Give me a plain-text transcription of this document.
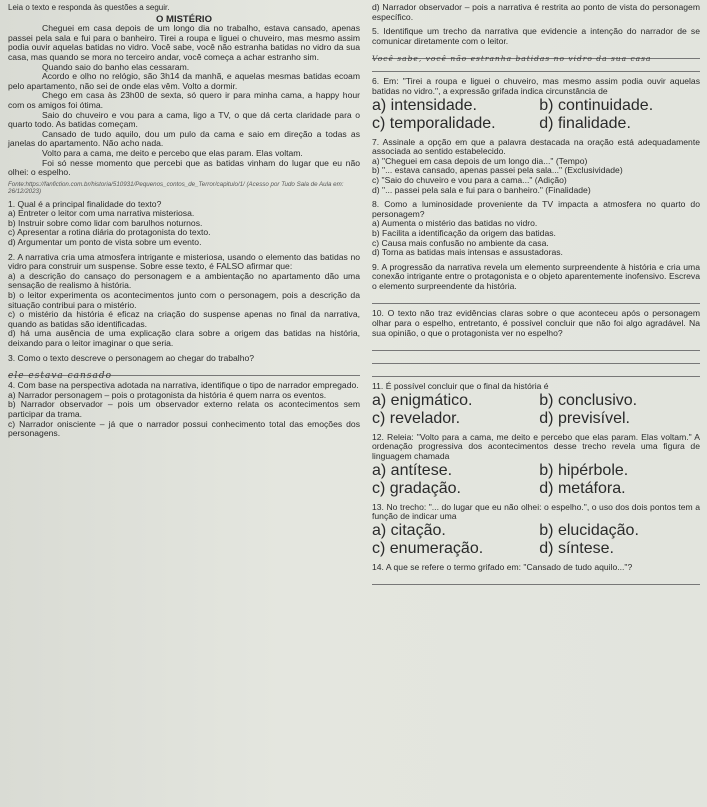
Leia o texto e responda às questões a seguir.

O MISTÉRIO

Cheguei em casa depois de um longo dia no trabalho, estava cansado, apenas passei pela sala e fui para o banheiro. Tirei a roupa e liguei o chuveiro, mas mesmo assim podia ouvir aquelas batidas no vidro. Você sabe, você não estranha batidas no vidro da sua casa, mas quando se mora no terceiro andar, você começa a achar estranho sim.

Quando saio do banho elas cessaram.

Acordo e olho no relógio, são 3h14 da manhã, e aquelas mesmas batidas ecoam pelo apartamento, não sei de onde elas vêm. Volto a dormir.

Chego em casa às 23h00 de sexta, só quero ir para minha cama, a happy hour com os amigos foi ótima.

Saio do chuveiro e vou para a cama, ligo a TV, o que dá certa claridade para o quarto todo. As batidas começam.

Cansado de tudo aquilo, dou um pulo da cama e saio em direção a todas as janelas do apartamento. Não acho nada.

Volto para a cama, me deito e percebo que elas param. Elas voltam.

Foi só nesse momento que percebi que as batidas vinham do lugar que eu não olhei: o espelho.

Fonte:https://fanfiction.com.br/historia/510931/Pequenos_contos_de_Terror/capitulo/1/ (Acesso por Tudo Sala de Aula em: 26/12/2023)

1. Qual é a principal finalidade do texto?

a) Entreter o leitor com uma narrativa misteriosa.

b) Instruir sobre como lidar com barulhos noturnos.

c) Apresentar a rotina diária do protagonista do texto.

d) Argumentar um ponto de vista sobre um evento.

2. A narrativa cria uma atmosfera intrigante e misteriosa, usando o elemento das batidas no vidro para construir um suspense. Sobre esse texto, é FALSO afirmar que:

a) a descrição do cansaço do personagem e a ambientação no apartamento dão uma sensação de realismo à história.

b) o leitor experimenta os acontecimentos junto com o personagem, pois a descrição da situação contribui para o mistério.

c) o mistério da história é eficaz na criação do suspense apenas no final da narrativa, quando as batidas são identificadas.

d) há uma ausência de uma explicação clara sobre a origem das batidas na história, deixando para o leitor imaginar o que seria.

3. Como o texto descreve o personagem ao chegar do trabalho?

ele estava cansado

4. Com base na perspectiva adotada na narrativa, identifique o tipo de narrador empregado.

a) Narrador personagem – pois o protagonista da história é quem narra os eventos.

b) Narrador observador – pois um observador externo relata os acontecimentos sem participar da trama.

c) Narrador onisciente – já que o narrador possui conhecimento total das emoções dos personagens.

d) Narrador observador – pois a narrativa é restrita ao ponto de vista do personagem específico.

5. Identifique um trecho da narrativa que evidencie a intenção do narrador de se comunicar diretamente com o leitor.

Você sabe, você não estranha batidas no vidro da sua casa

6. Em: "Tirei a roupa e liguei o chuveiro, mas mesmo assim podia ouvir aquelas batidas no vidro.", a expressão grifada indica circunstância de

a) intensidade.	b) continuidade.
c) temporalidade.	d) finalidade.

7. Assinale a opção em que a palavra destacada na oração está adequadamente associada ao sentido estabelecido.

a) "Cheguei em casa depois de um longo dia..." (Tempo)

b) "... estava cansado, apenas passei pela sala..." (Exclusividade)

c) "Saio do chuveiro e vou para a cama..." (Adição)

d) "... passei pela sala e fui para o banheiro." (Finalidade)

8. Como a luminosidade proveniente da TV impacta a atmosfera no quarto do personagem?

a) Aumenta o mistério das batidas no vidro.

b) Facilita a identificação da origem das batidas.

c) Causa mais confusão no ambiente da casa.

d) Torna as batidas mais intensas e assustadoras.

9. A progressão da narrativa revela um elemento surpreendente à história e cria uma conexão intrigante entre o protagonista e o objeto aparentemente inofensivo. Escreva o elemento surpreendente da história.

10. O texto não traz evidências claras sobre o que aconteceu após o personagem olhar para o espelho, entretanto, é possível concluir que não foi algo agradável. Na sua opinião, o que o protagonista ver no espelho?

11. É possível concluir que o final da história é

a) enigmático.	b) conclusivo.
c) revelador.	d) previsível.

12. Releia: "Volto para a cama, me deito e percebo que elas param. Elas voltam." A ordenação progressiva dos acontecimentos desse trecho revela uma figura de linguagem chamada

a) antítese.	b) hipérbole.
c) gradação.	d) metáfora.

13. No trecho: "... do lugar que eu não olhei: o espelho.", o uso dos dois pontos tem a função de indicar uma

a) citação.	b) elucidação.
c) enumeração.	d) síntese.

14. A que se refere o termo grifado em: "Cansado de tudo aquilo..."?
